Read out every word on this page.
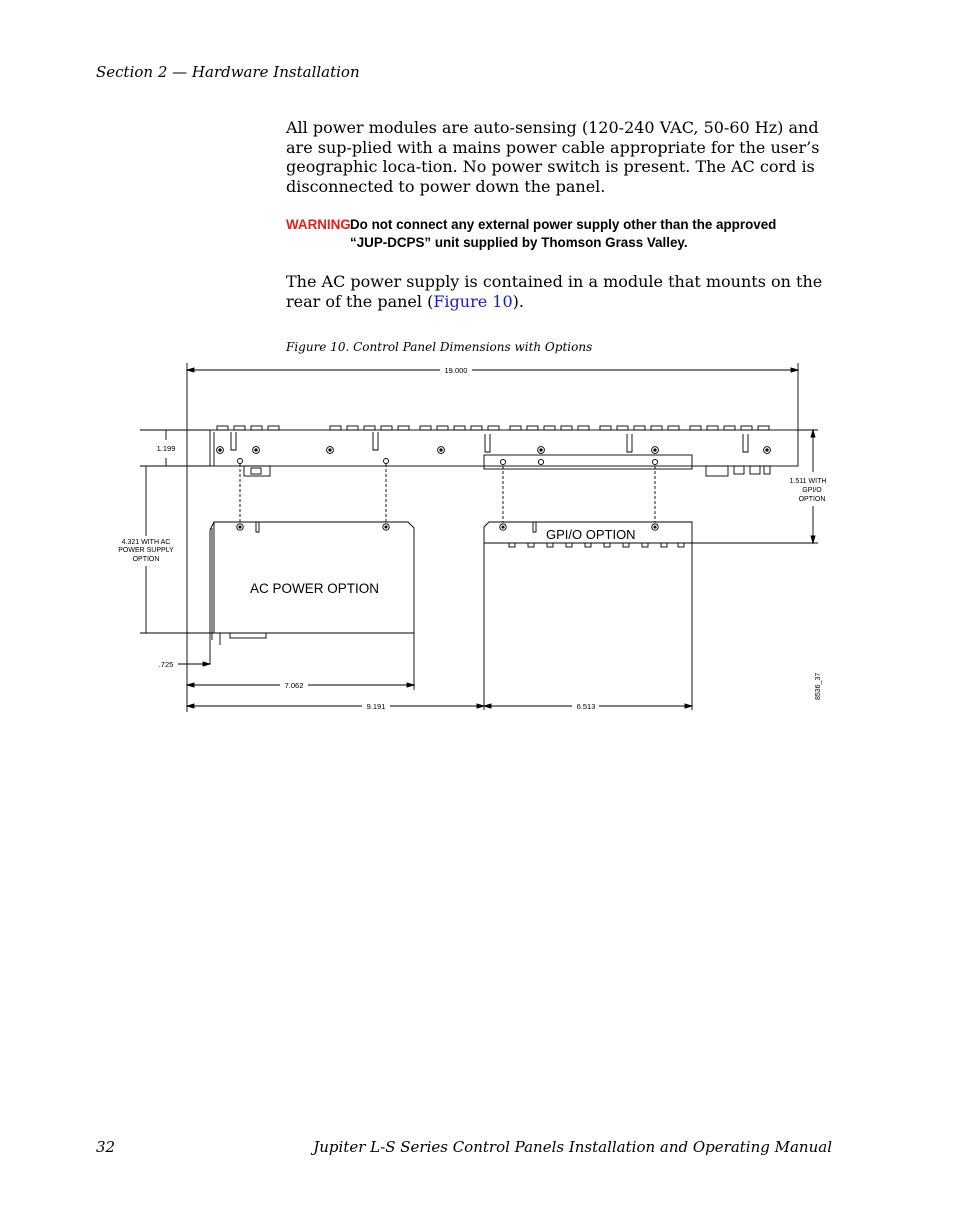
Section 2 — Hardware Installation

All power modules are auto-sensing (120-240 VAC, 50-60 Hz) and are sup-plied with a mains power cable appropriate for the user’s geographic loca-tion. No power switch is present. The AC cord is disconnected to power down the panel.

WARNING Do not connect any external power supply other than the approved “JUP-DCPS” unit supplied by Thomson Grass Valley.

The AC power supply is contained in a module that mounts on the rear of the panel (Figure 10).

Figure 10. Control Panel Dimensions with Options
19.000
1.199
1.511 WITH
GPI/O
OPTION
4.321 WITH AC
POWER SUPPLY
OPTION
.725
7.062
9.191	6.513
AC POWER OPTION
GPI/O OPTION
8536_37
32	Jupiter L-S Series Control Panels Installation and Operating Manual
